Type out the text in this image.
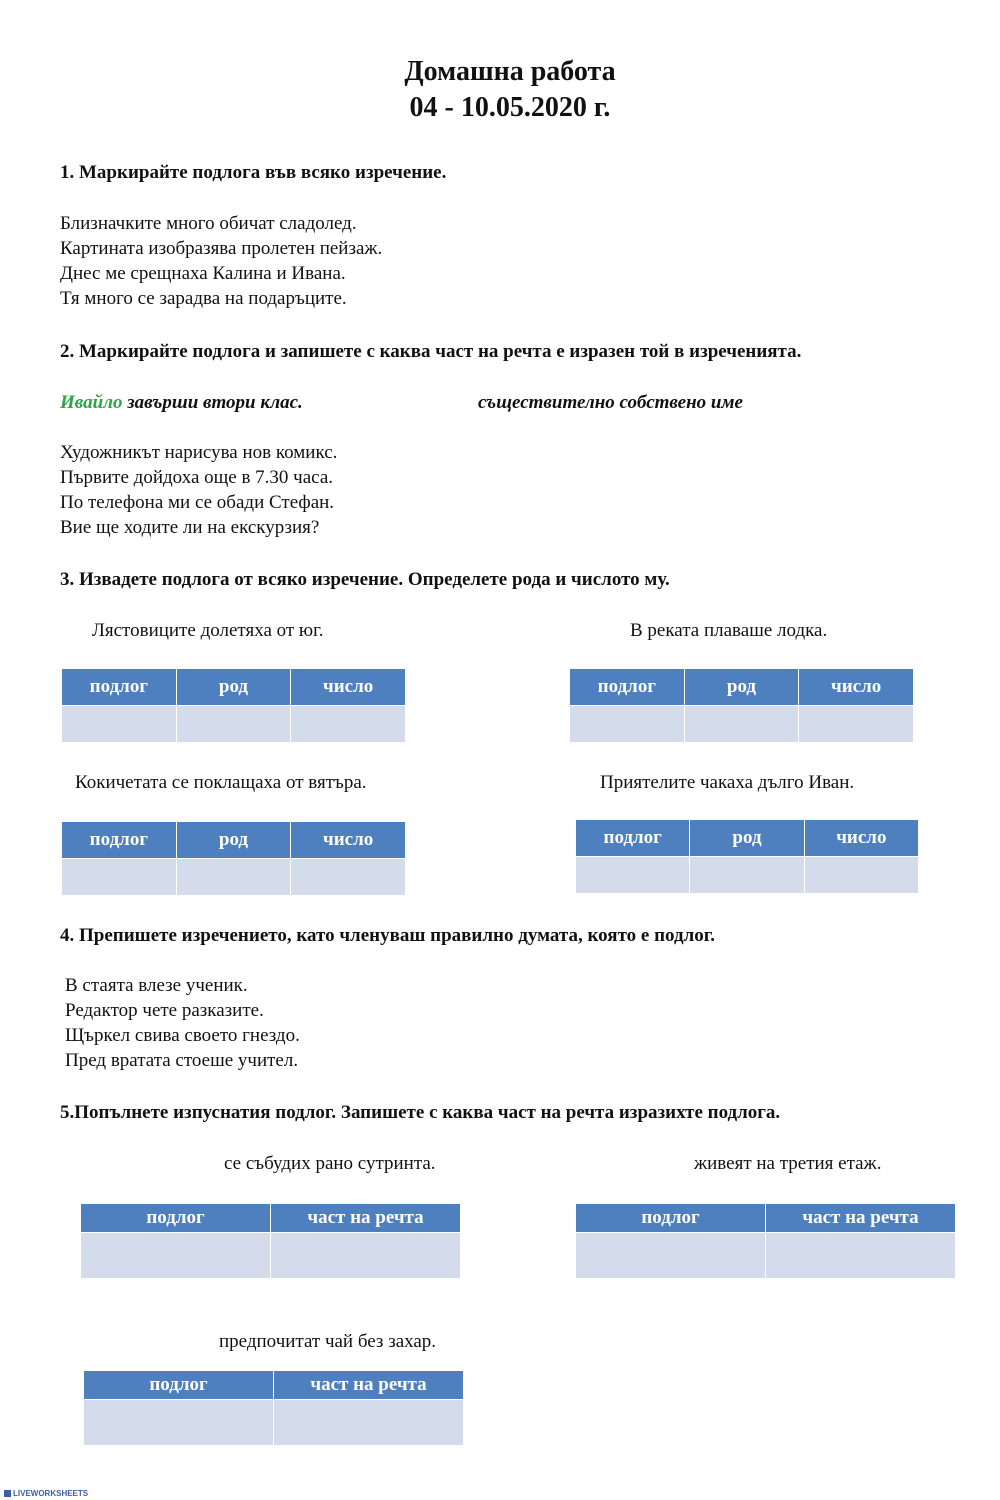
Домашна работа
04 - 10.05.2020 г.
1. Маркирайте подлога във всяко изречение.
Близначките много обичат сладолед.
Картината изобразява пролетен пейзаж.
Днес ме срещнаха Калина и Ивана.
Тя много се зарадва на подаръците.
2. Маркирайте подлога и запишете с каква част на речта е изразен той в изреченията.
Ивайло завърши втори клас.	съществително собствено име
Художникът нарисува нов комикс.
Първите дойдоха още в 7.30 часа.
По телефона ми се обади Стефан.
Вие ще ходите ли на екскурзия?
3. Извадете подлога от всяко изречение. Определете рода и числото му.
Лястовиците долетяха от юг.	В реката плаваше лодка.
подлог	род	число
			подлог	род	число

Кокичетата се поклащаха от вятъра.	Приятелите чакаха дълго Иван.
подлог	род	число
			подлог	род	число

4. Препишете изречението, като членуваш правилно думата, която е подлог.
В стаята влезе ученик.
Редактор чете разказите.
Щъркел свива своето гнездо.
Пред вратата стоеше учител.
5.Попълнете изпуснатия подлог. Запишете с каква част на речта изразихте подлога.
се събудих рано сутринта.	живеят на третия етаж.
подлог	част на речта
		подлог	част на речта

предпочитат чай без захар.
подлог	част на речта

LIVEWORKSHEETS
